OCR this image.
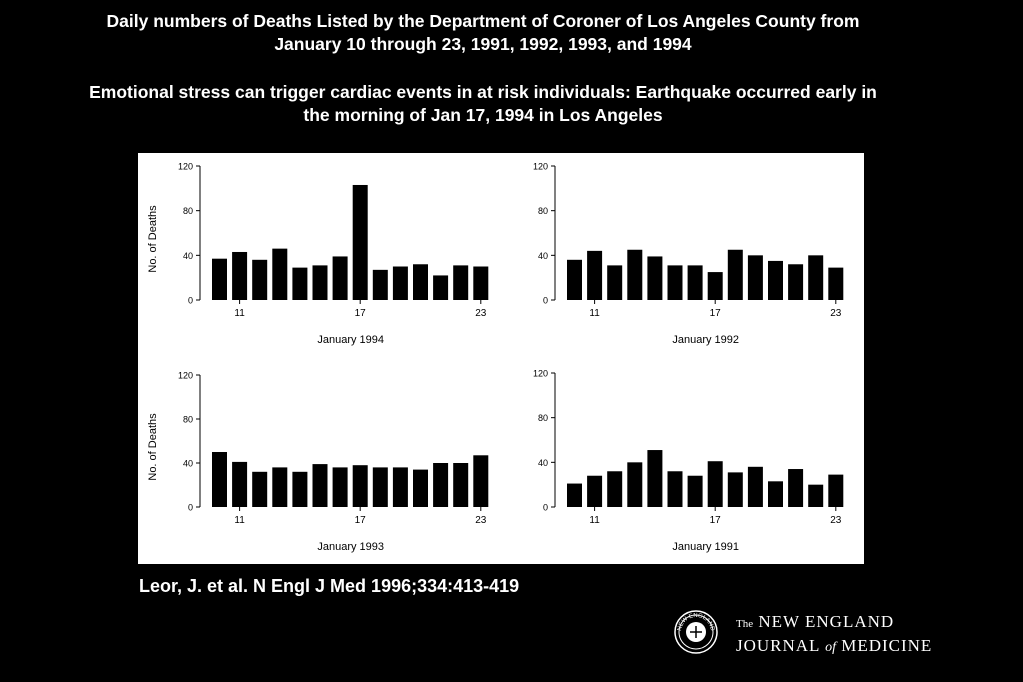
Daily numbers of Deaths Listed by the Department of Coroner of Los Angeles County from
January 10 through 23, 1991, 1992, 1993, and 1994
Emotional stress can trigger cardiac events in at risk individuals: Earthquake occurred early in
the morning of Jan 17, 1994 in Los Angeles
0
40
80
120
11	17	23
January 1994
No. of Deaths
0
40
80
120
11	17	23
January 1992
0
40
80
120
11	17	23
January 1993
No. of Deaths
0
40
80
120
11	17	23
January 1991
Leor, J. et al. N Engl J Med 1996;334:413-419
NEW ENGLAND The NEW ENGLAND
JOURNAL of MEDICINE
